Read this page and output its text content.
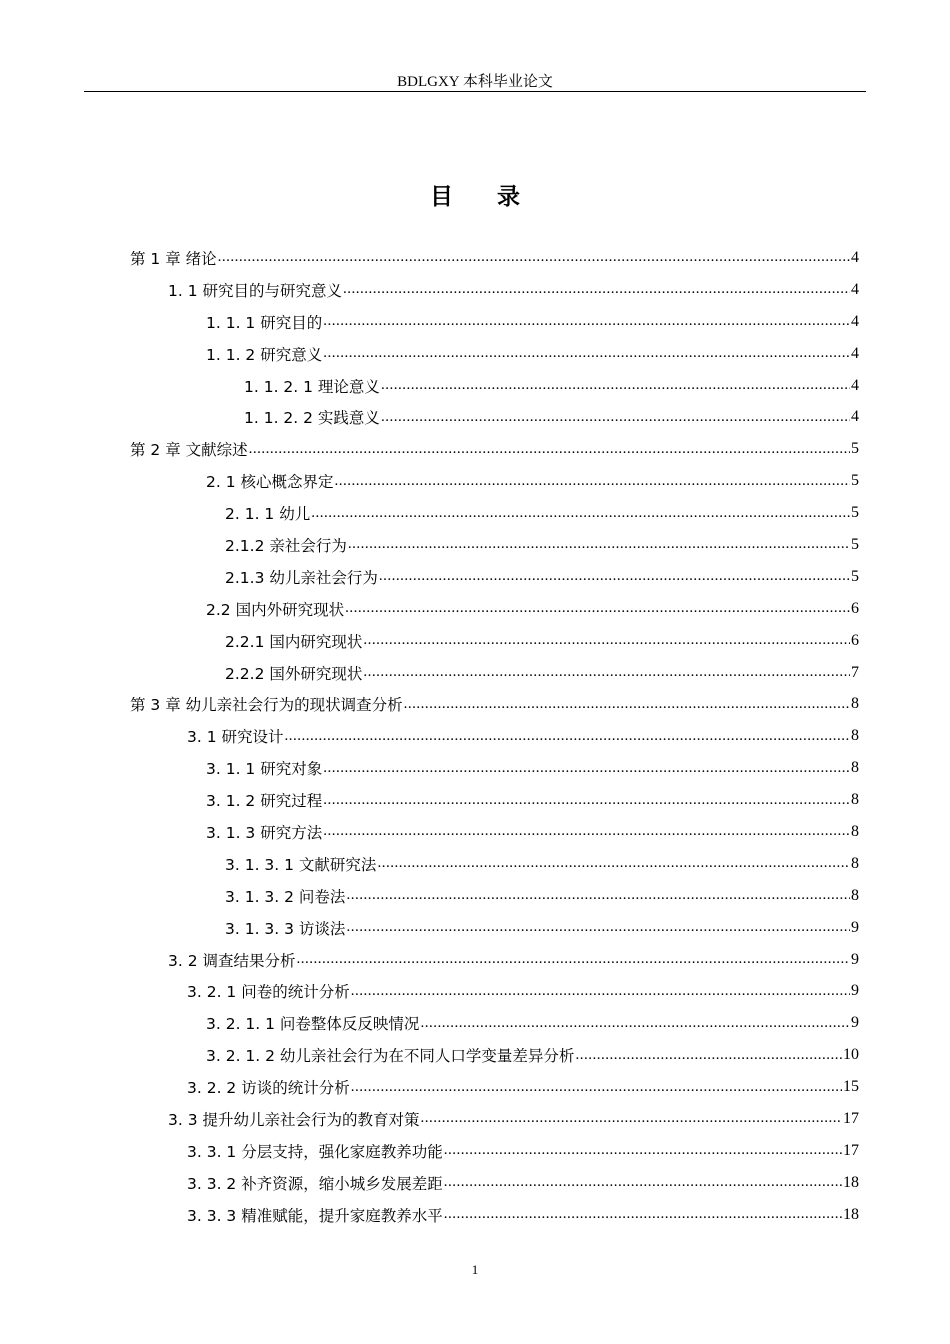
BDLGXY 本科毕业论文
目 录
第 1 章 绪论 .....	4
1. 1 研究目的与研究意义 .....	4
1. 1. 1 研究目的 .....	4
1. 1. 2 研究意义 .....	4
1. 1. 2. 1 理论意义 .....	4
1. 1. 2. 2 实践意义 .....	4
第 2 章 文献综述 .....	5
2. 1 核心概念界定 .....	5
2. 1. 1 幼儿 .....	5
2.1.2 亲社会行为 .....	5
2.1.3 幼儿亲社会行为 .....	5
2.2 国内外研究现状 .....	6
2.2.1 国内研究现状 .....	6
2.2.2 国外研究现状 .....	7
第 3 章 幼儿亲社会行为的现状调查分析 .....	8
3. 1 研究设计 .....	8
3. 1. 1 研究对象 .....	8
3. 1. 2 研究过程 .....	8
3. 1. 3 研究方法 .....	8
3. 1. 3. 1 文献研究法 .....	8
3. 1. 3. 2 问卷法 .....	8
3. 1. 3. 3 访谈法 .....	9
3. 2 调查结果分析 .....	9
3. 2. 1 问卷的统计分析 .....	9
3. 2. 1. 1 问卷整体反反映情况 .....	9
3. 2. 1. 2 幼儿亲社会行为在不同人口学变量差异分析 .....	10
3. 2. 2 访谈的统计分析 .....	15
3. 3 提升幼儿亲社会行为的教育对策 .....	17
3. 3. 1 分层支持，强化家庭教养功能 .....	17
3. 3. 2 补齐资源，缩小城乡发展差距 .....	18
3. 3. 3 精准赋能，提升家庭教养水平 .....	18
1
